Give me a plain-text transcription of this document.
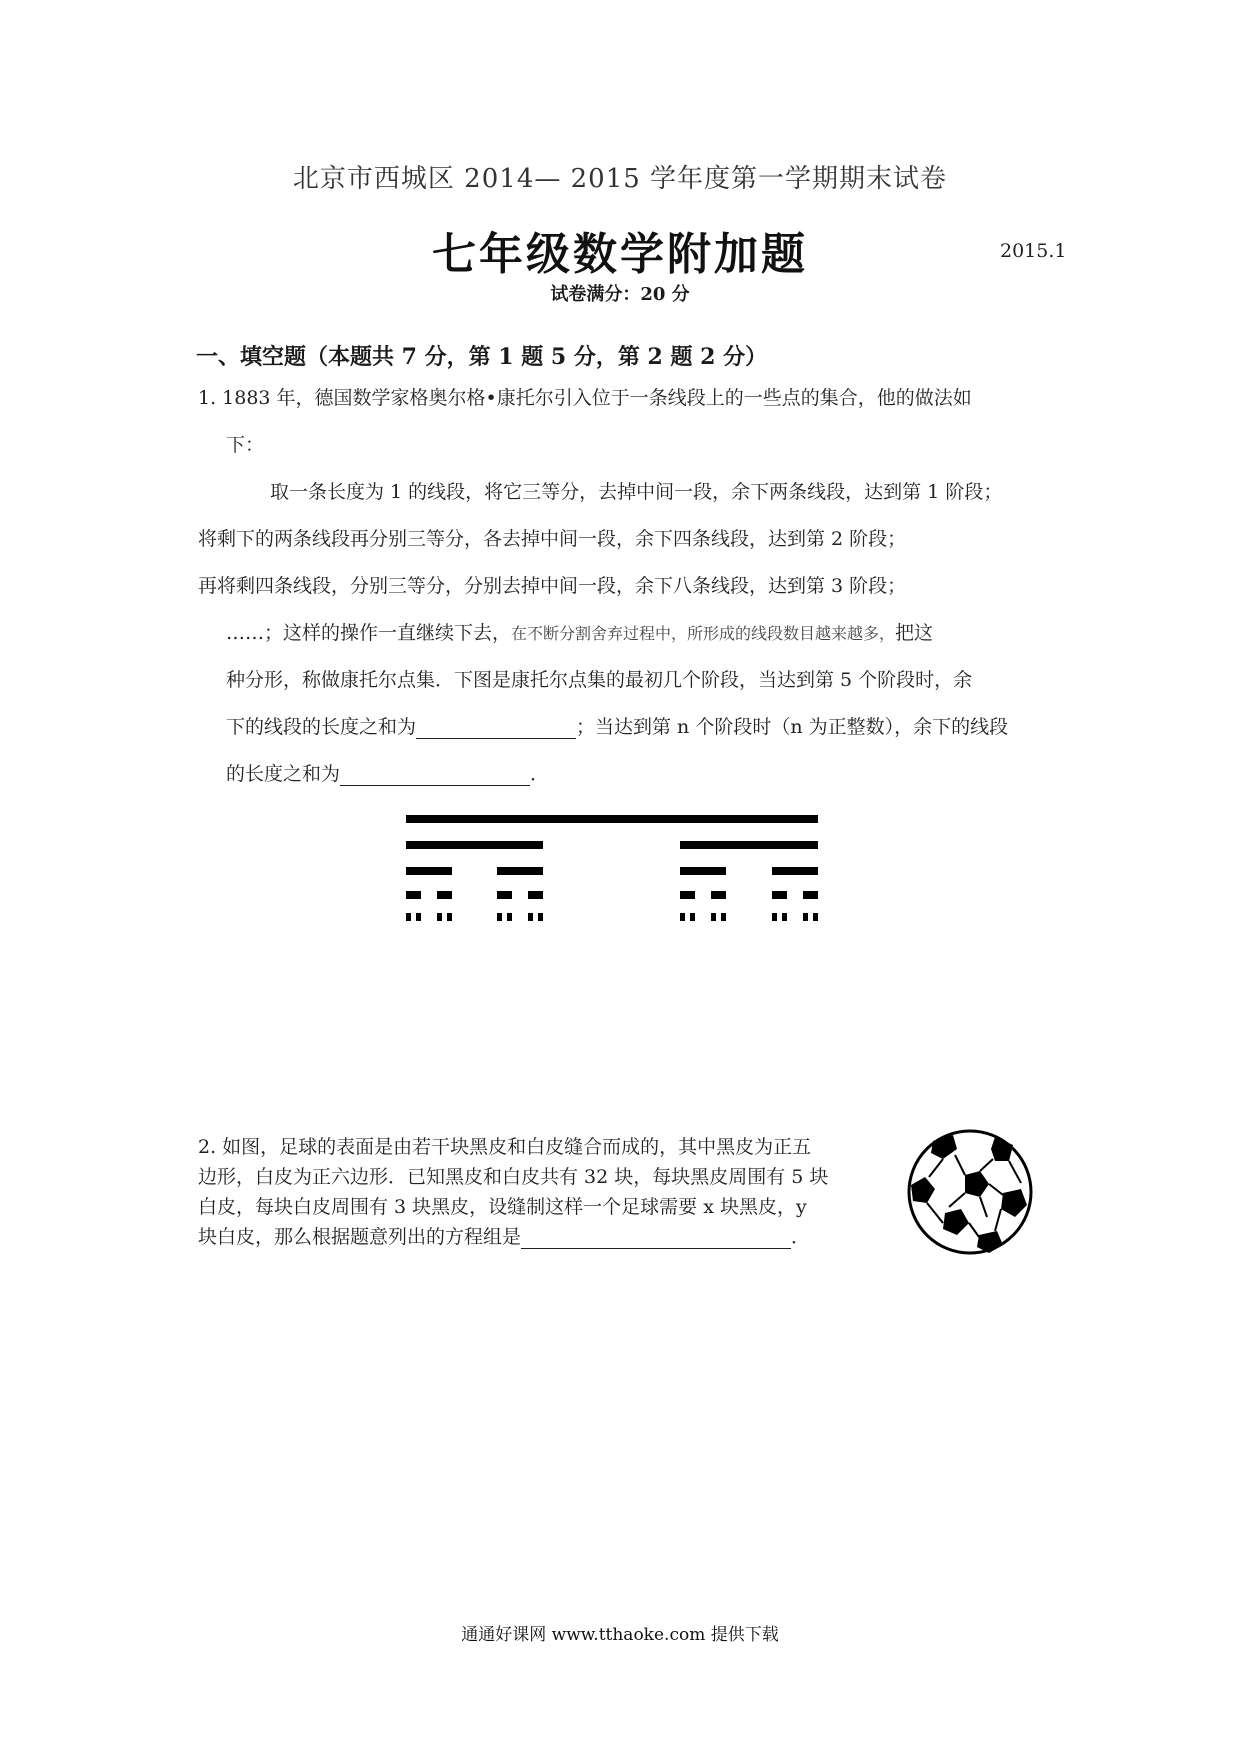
北京市西城区 2014— 2015 学年度第一学期期末试卷
七年级数学附加题	2015.1
试卷满分：20 分
一、填空题（本题共 7 分，第 1 题 5 分，第 2 题 2 分）
1. 1883 年，德国数学家格奥尔格•康托尔引入位于一条线段上的一些点的集合，他的做法如
下：
取一条长度为 1 的线段，将它三等分，去掉中间一段，余下两条线段，达到第 1 阶段；
将剩下的两条线段再分别三等分，各去掉中间一段，余下四条线段，达到第 2 阶段；
再将剩四条线段，分别三等分，分别去掉中间一段，余下八条线段，达到第 3 阶段；
……；这样的操作一直继续下去，在不断分割舍弃过程中，所形成的线段数目越来越多，把这
种分形，称做康托尔点集．下图是康托尔点集的最初几个阶段，当达到第 5 个阶段时，余
下的线段的长度之和为	；当达到第 n 个阶段时（n 为正整数），余下的线段
的长度之和为	．
2. 如图，足球的表面是由若干块黑皮和白皮缝合而成的，其中黑皮为正五
边形，白皮为正六边形．已知黑皮和白皮共有 32 块，每块黑皮周围有 5 块
白皮，每块白皮周围有 3 块黑皮，设缝制这样一个足球需要 x 块黑皮，y
块白皮，那么根据题意列出的方程组是	．
通通好课网 www.tthaoke.com 提供下载
